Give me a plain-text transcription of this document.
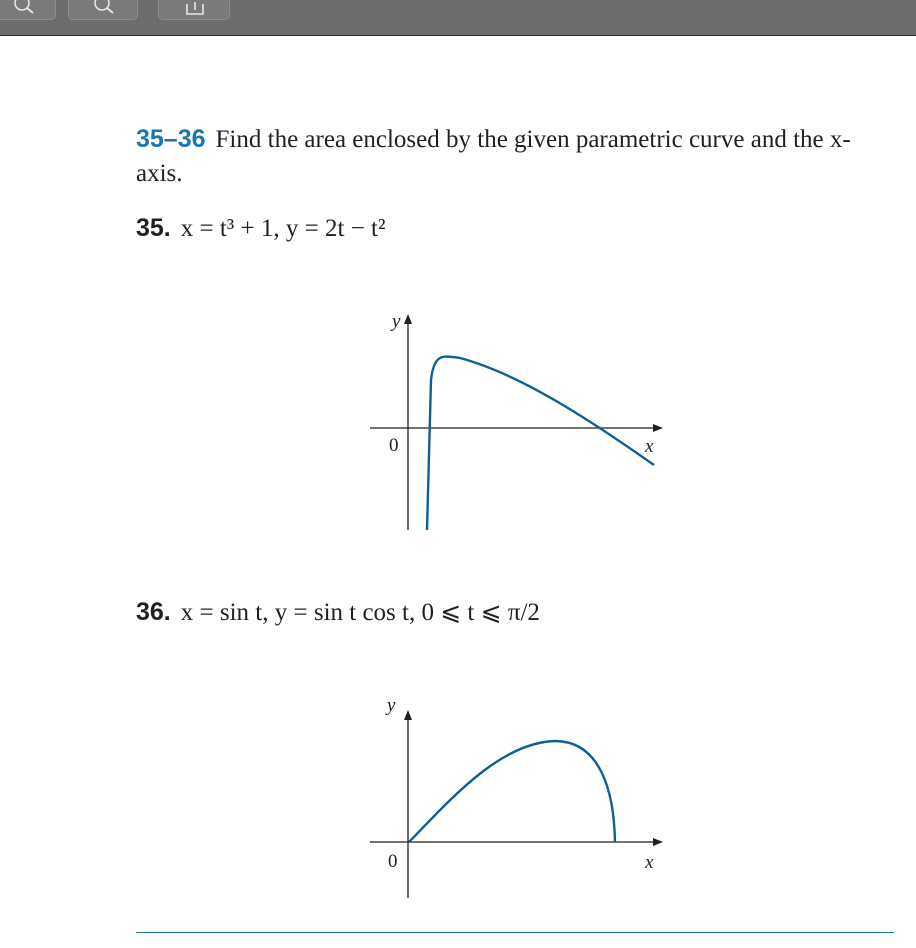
35–36 Find the area enclosed by the given parametric curve and the x-axis.
35. x = t³ + 1, y = 2t − t²
y
0	x
36. x = sin t, y = sin t cos t, 0 ⩽ t ⩽ π/2
y
0	x
